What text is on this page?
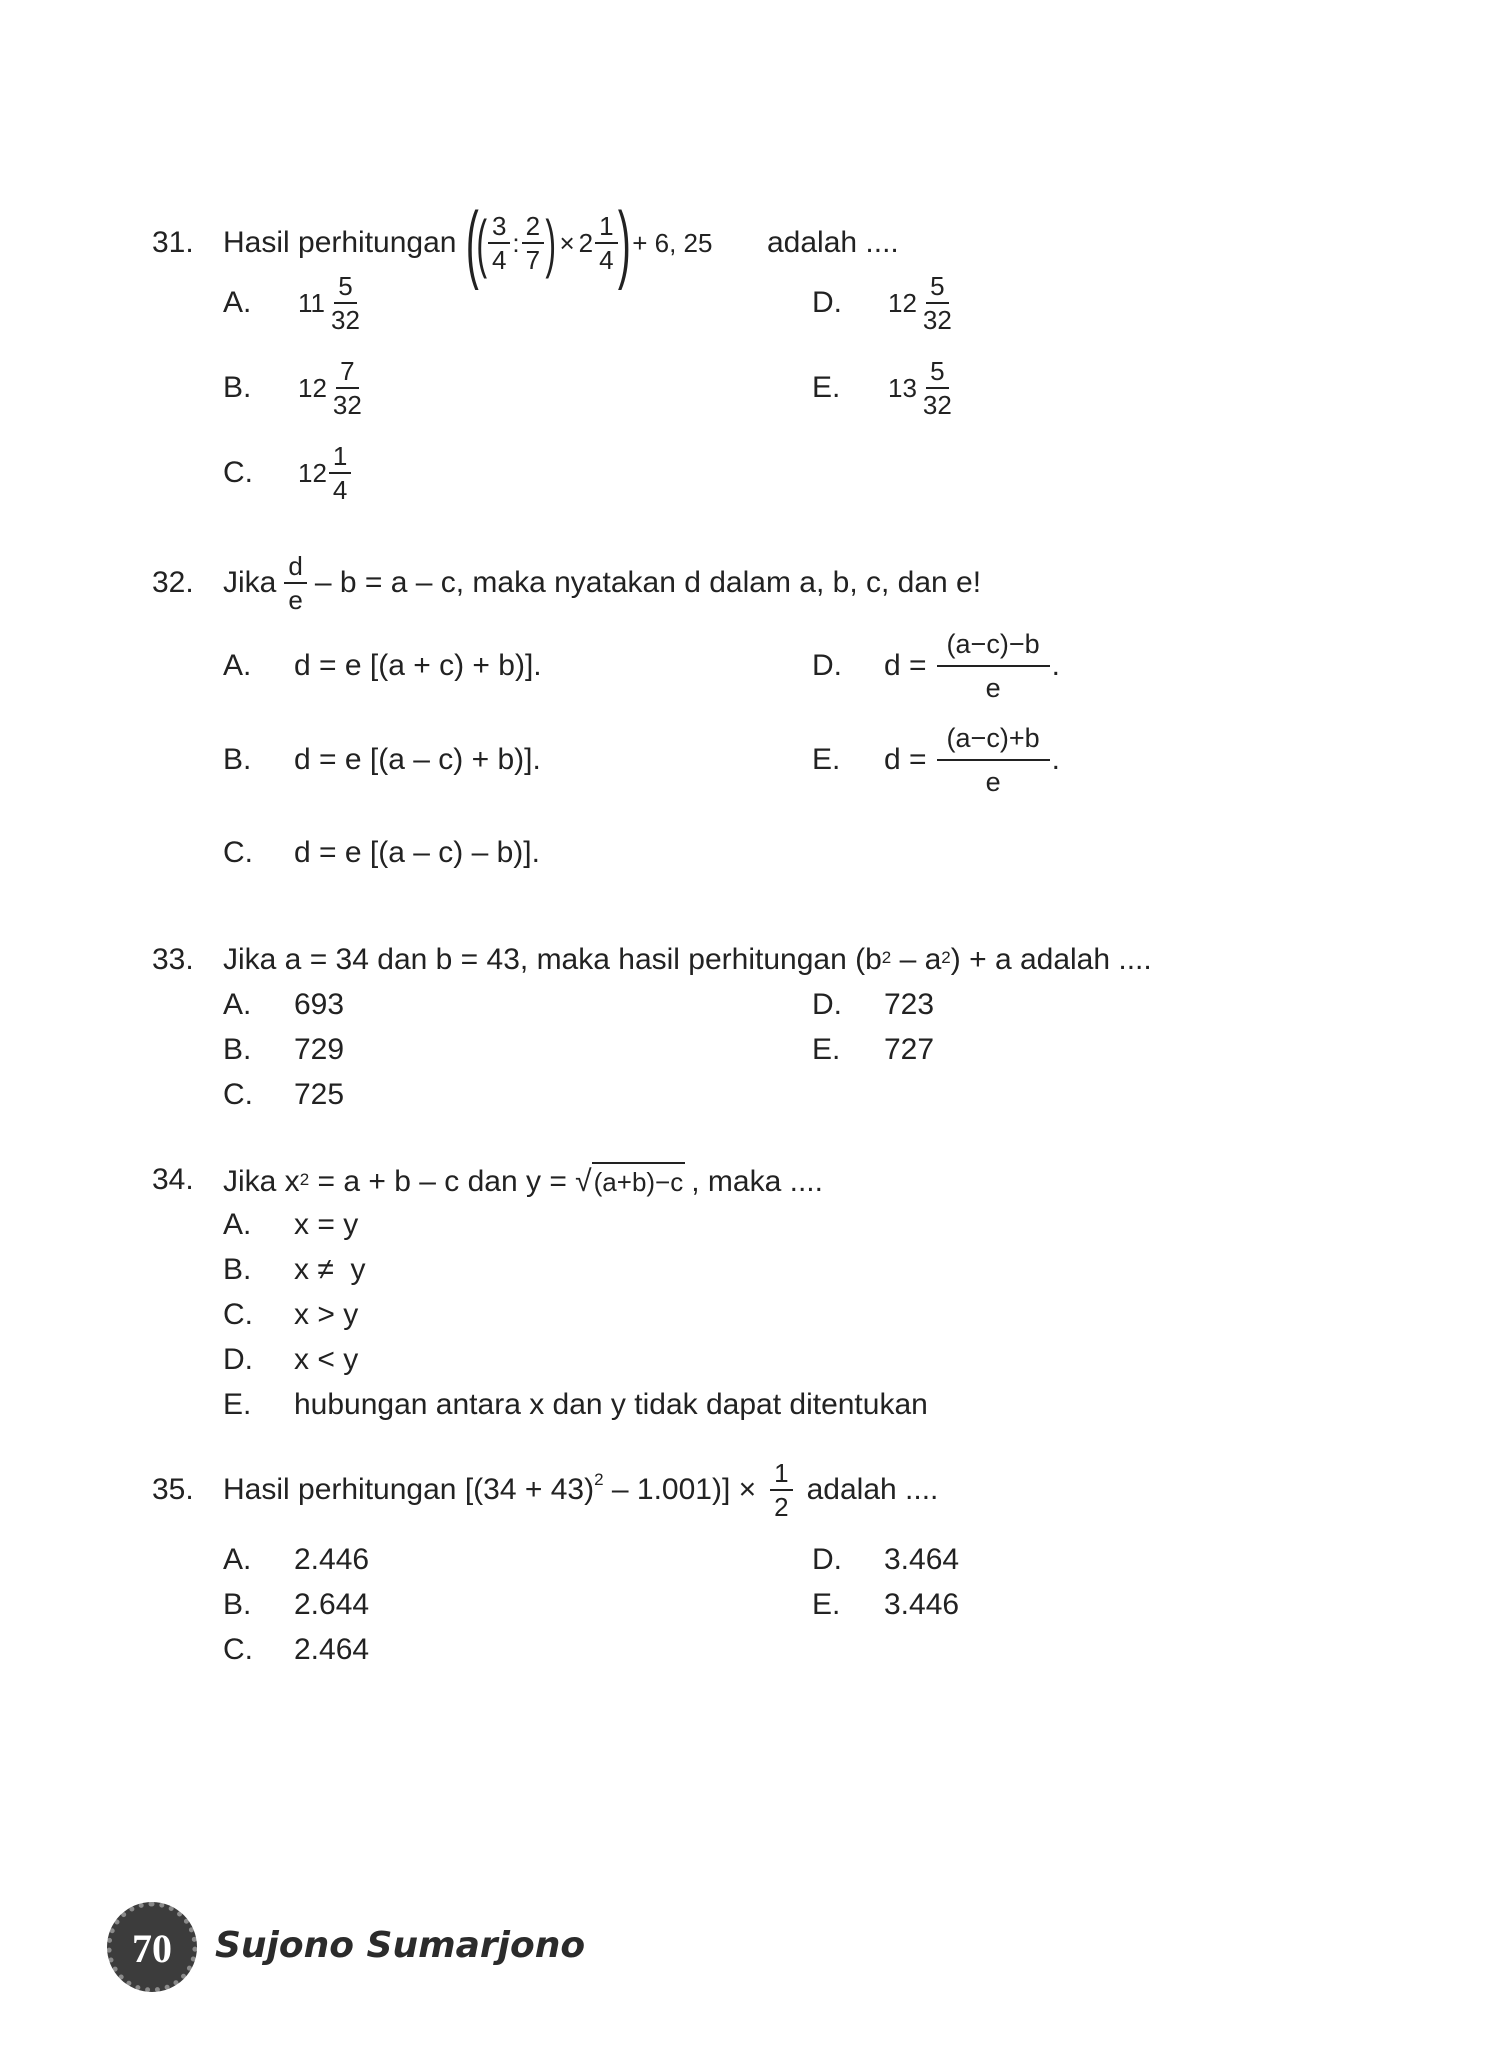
31. Hasil perhitungan (
( $\frac{3}{4}$ : $\frac{2}{7}$ ) × $2 \frac{1}{4}$ ) + 6, 25 adalah ....
A. $11 \frac{5}{32}$
B. $12 \frac{7}{32}$
C. $12 \frac{1}{4}$
D. $12 \frac{5}{32}$
E. $13 \frac{5}{32}$
32. Jika $\frac{d}{e} - b = a - c$, maka nyatakan d dalam a, b, c, dan e!
A. d = e [(a + c) + b)].
B. d = e [(a – c) + b)].
C. d = e [(a – c) – b)].
D. $d = \frac{(a-c)-b}{e}$ .
E. $d = \frac{(a-c)+b}{e}$ .
33. Jika a = 34 dan b = 43, maka hasil perhitungan $(b^2 - a^2) + a$ adalah ....
A. 693
B. 729
C. 725
D. 723
E. 727
34. Jika $x^2 = a + b - c$ dan y = √ (a+b)−c , maka ....
A. x = y
B. x ≠  y
C. x > y
D. x < y
E. hubungan antara x dan y tidak dapat ditentukan
35. Hasil perhitungan $[(34 + 43)^2 - 1.001)] \times \frac{1}{2}$ adalah ....
A. 2.446
B. 2.644
C. 2.464
D. 3.464
E. 3.446
70	Sujono Sumarjono
